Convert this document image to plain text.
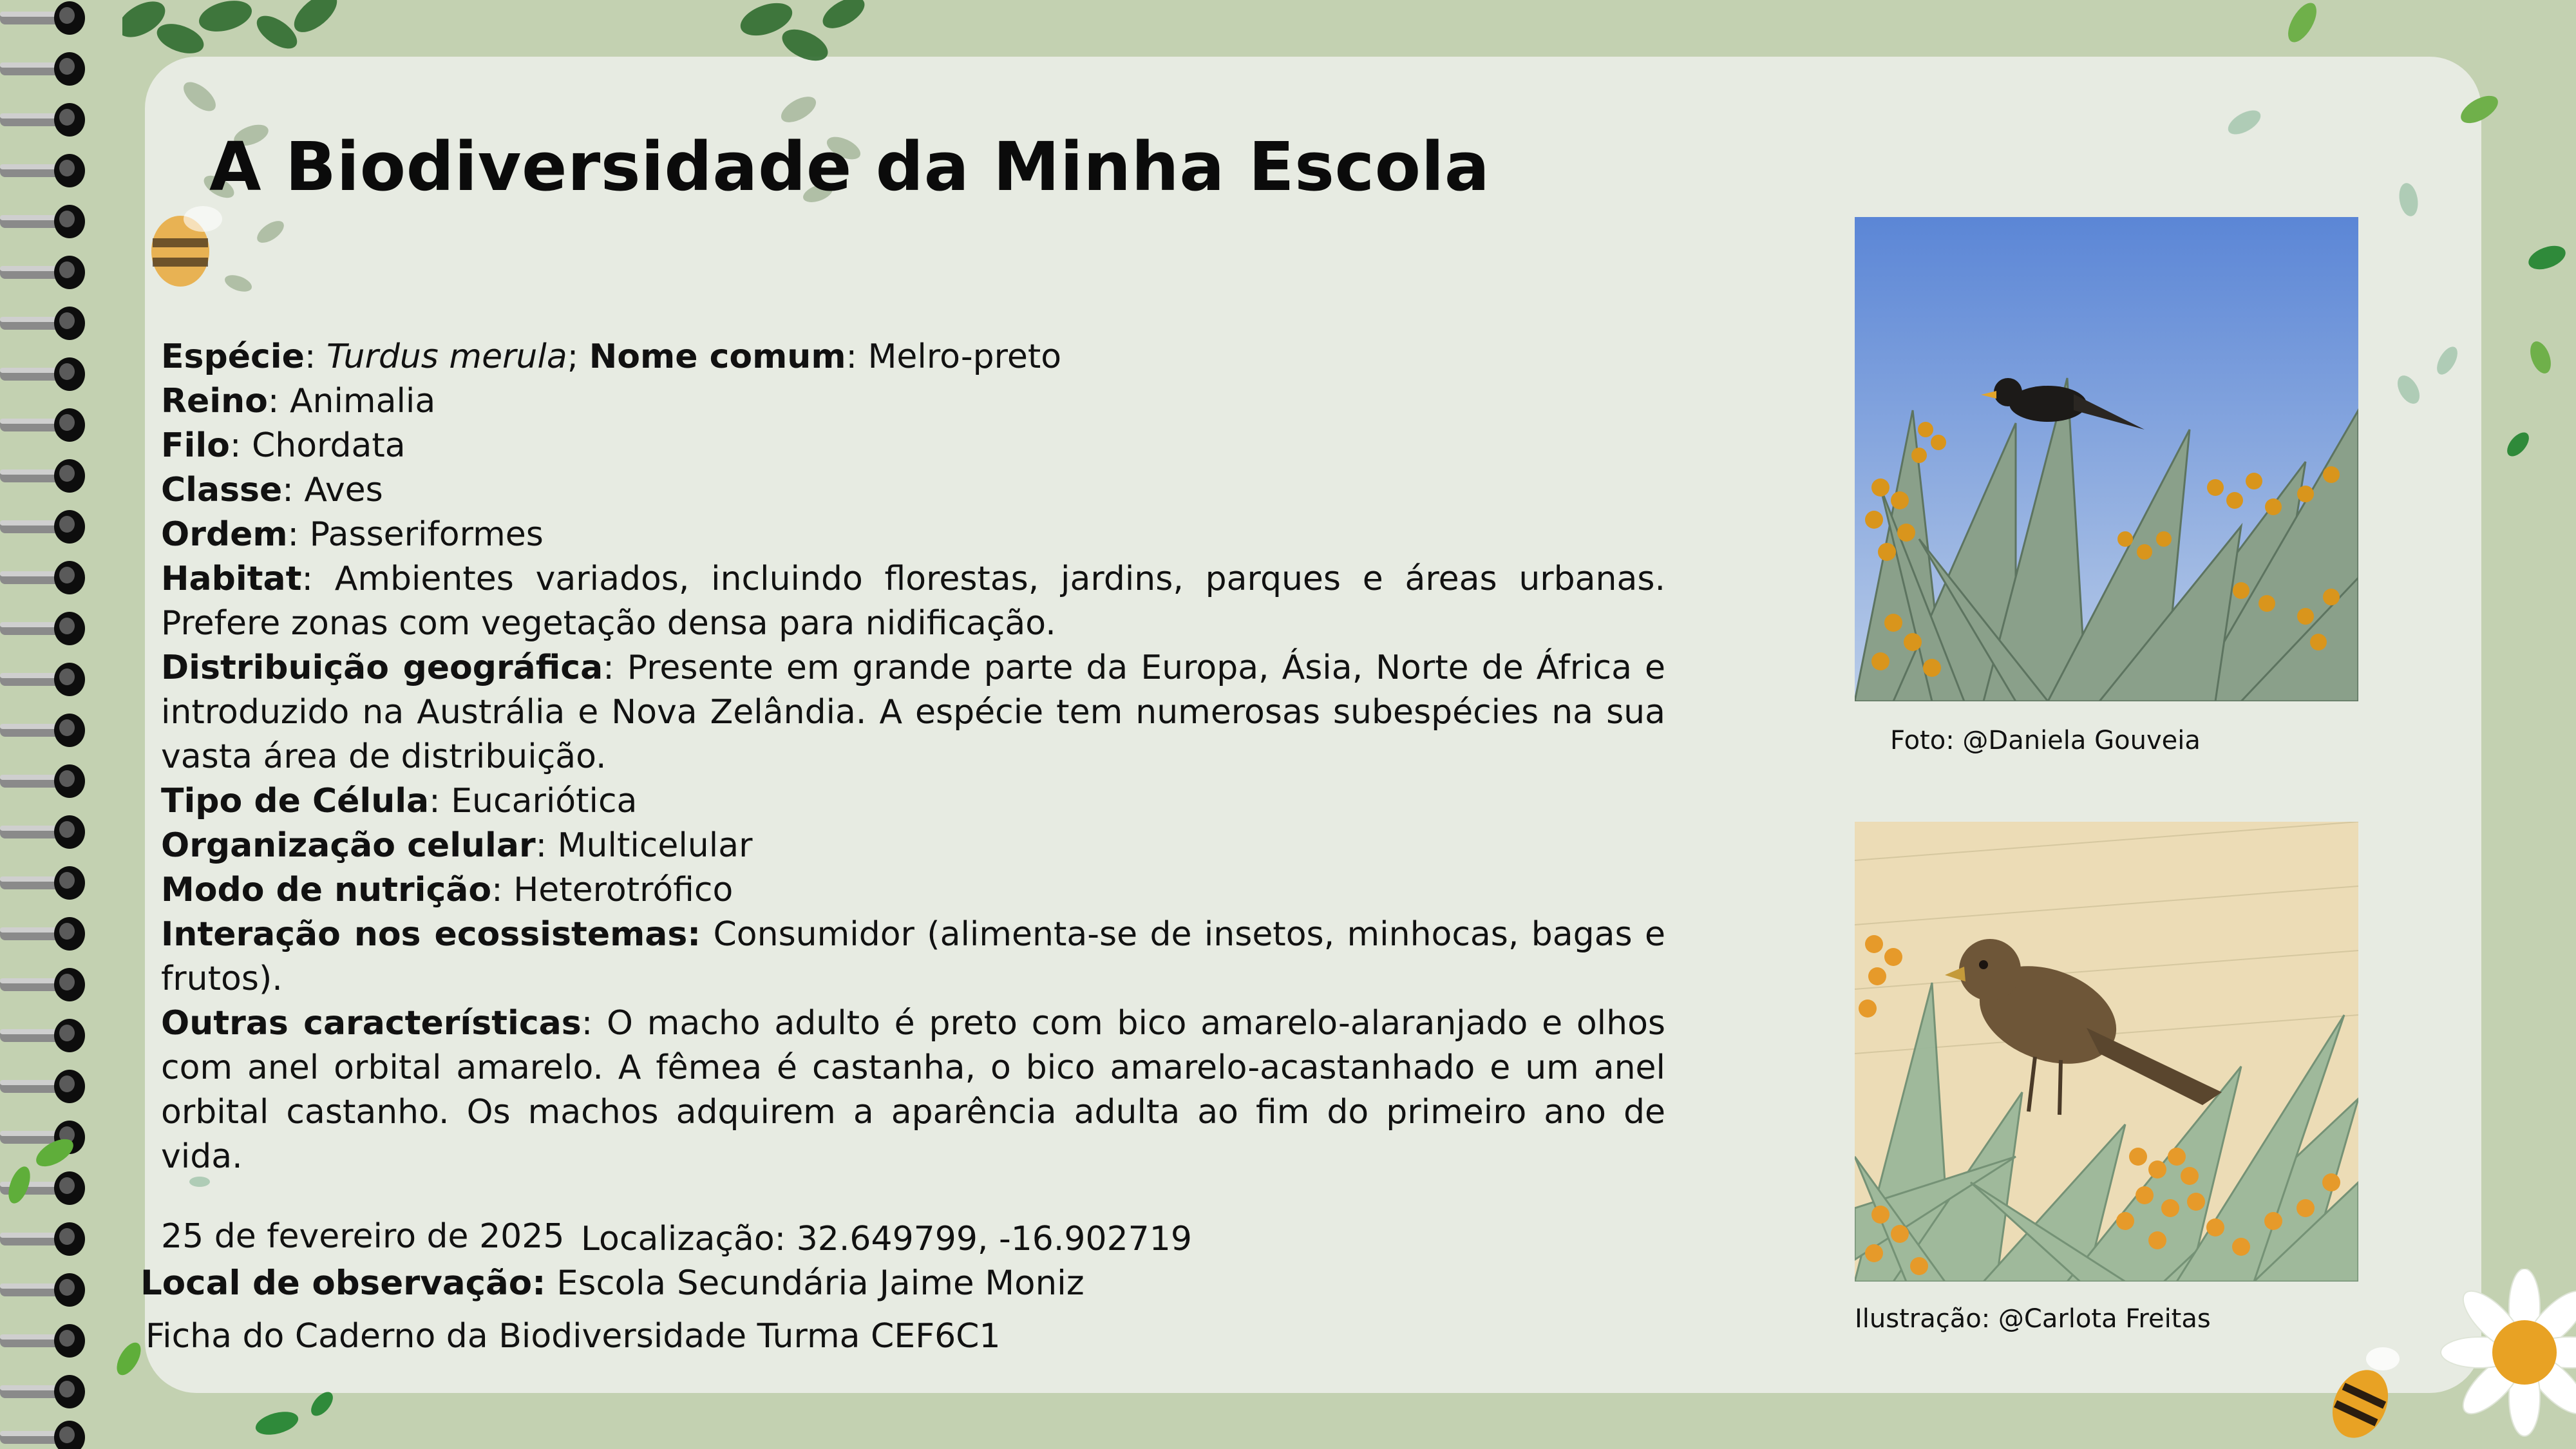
A Biodiversidade da Minha Escola

Espécie: Turdus merula; Nome comum: Melro-preto

Reino: Animalia

Filo: Chordata

Classe: Aves

Ordem: Passeriformes

Habitat: Ambientes variados, incluindo florestas, jardins, parques e áreas urbanas. Prefere zonas com vegetação densa para nidificação.

Distribuição geográfica: Presente em grande parte da Europa, Ásia, Norte de África e introduzido na Austrália e Nova Zelândia. A espécie tem numerosas subespécies na sua vasta área de distribuição.

Tipo de Célula: Eucariótica

Organização celular: Multicelular

Modo de nutrição: Heterotrófico

Interação nos ecossistemas: Consumidor (alimenta-se de insetos, minhocas, bagas e frutos).

Outras características: O macho adulto é preto com bico amarelo-alaranjado e olhos com anel orbital amarelo. A fêmea é castanha, o bico amarelo-acastanhado e um anel orbital castanho. Os machos adquirem a aparência adulta ao fim do primeiro ano de vida.

25 de fevereiro de 2025 Localização: 32.649799, -16.902719
Local de observação: Escola Secundária Jaime Moniz
Ficha do Caderno da Biodiversidade Turma CEF6C1
Foto: @Daniela Gouveia
Ilustração: @Carlota Freitas
